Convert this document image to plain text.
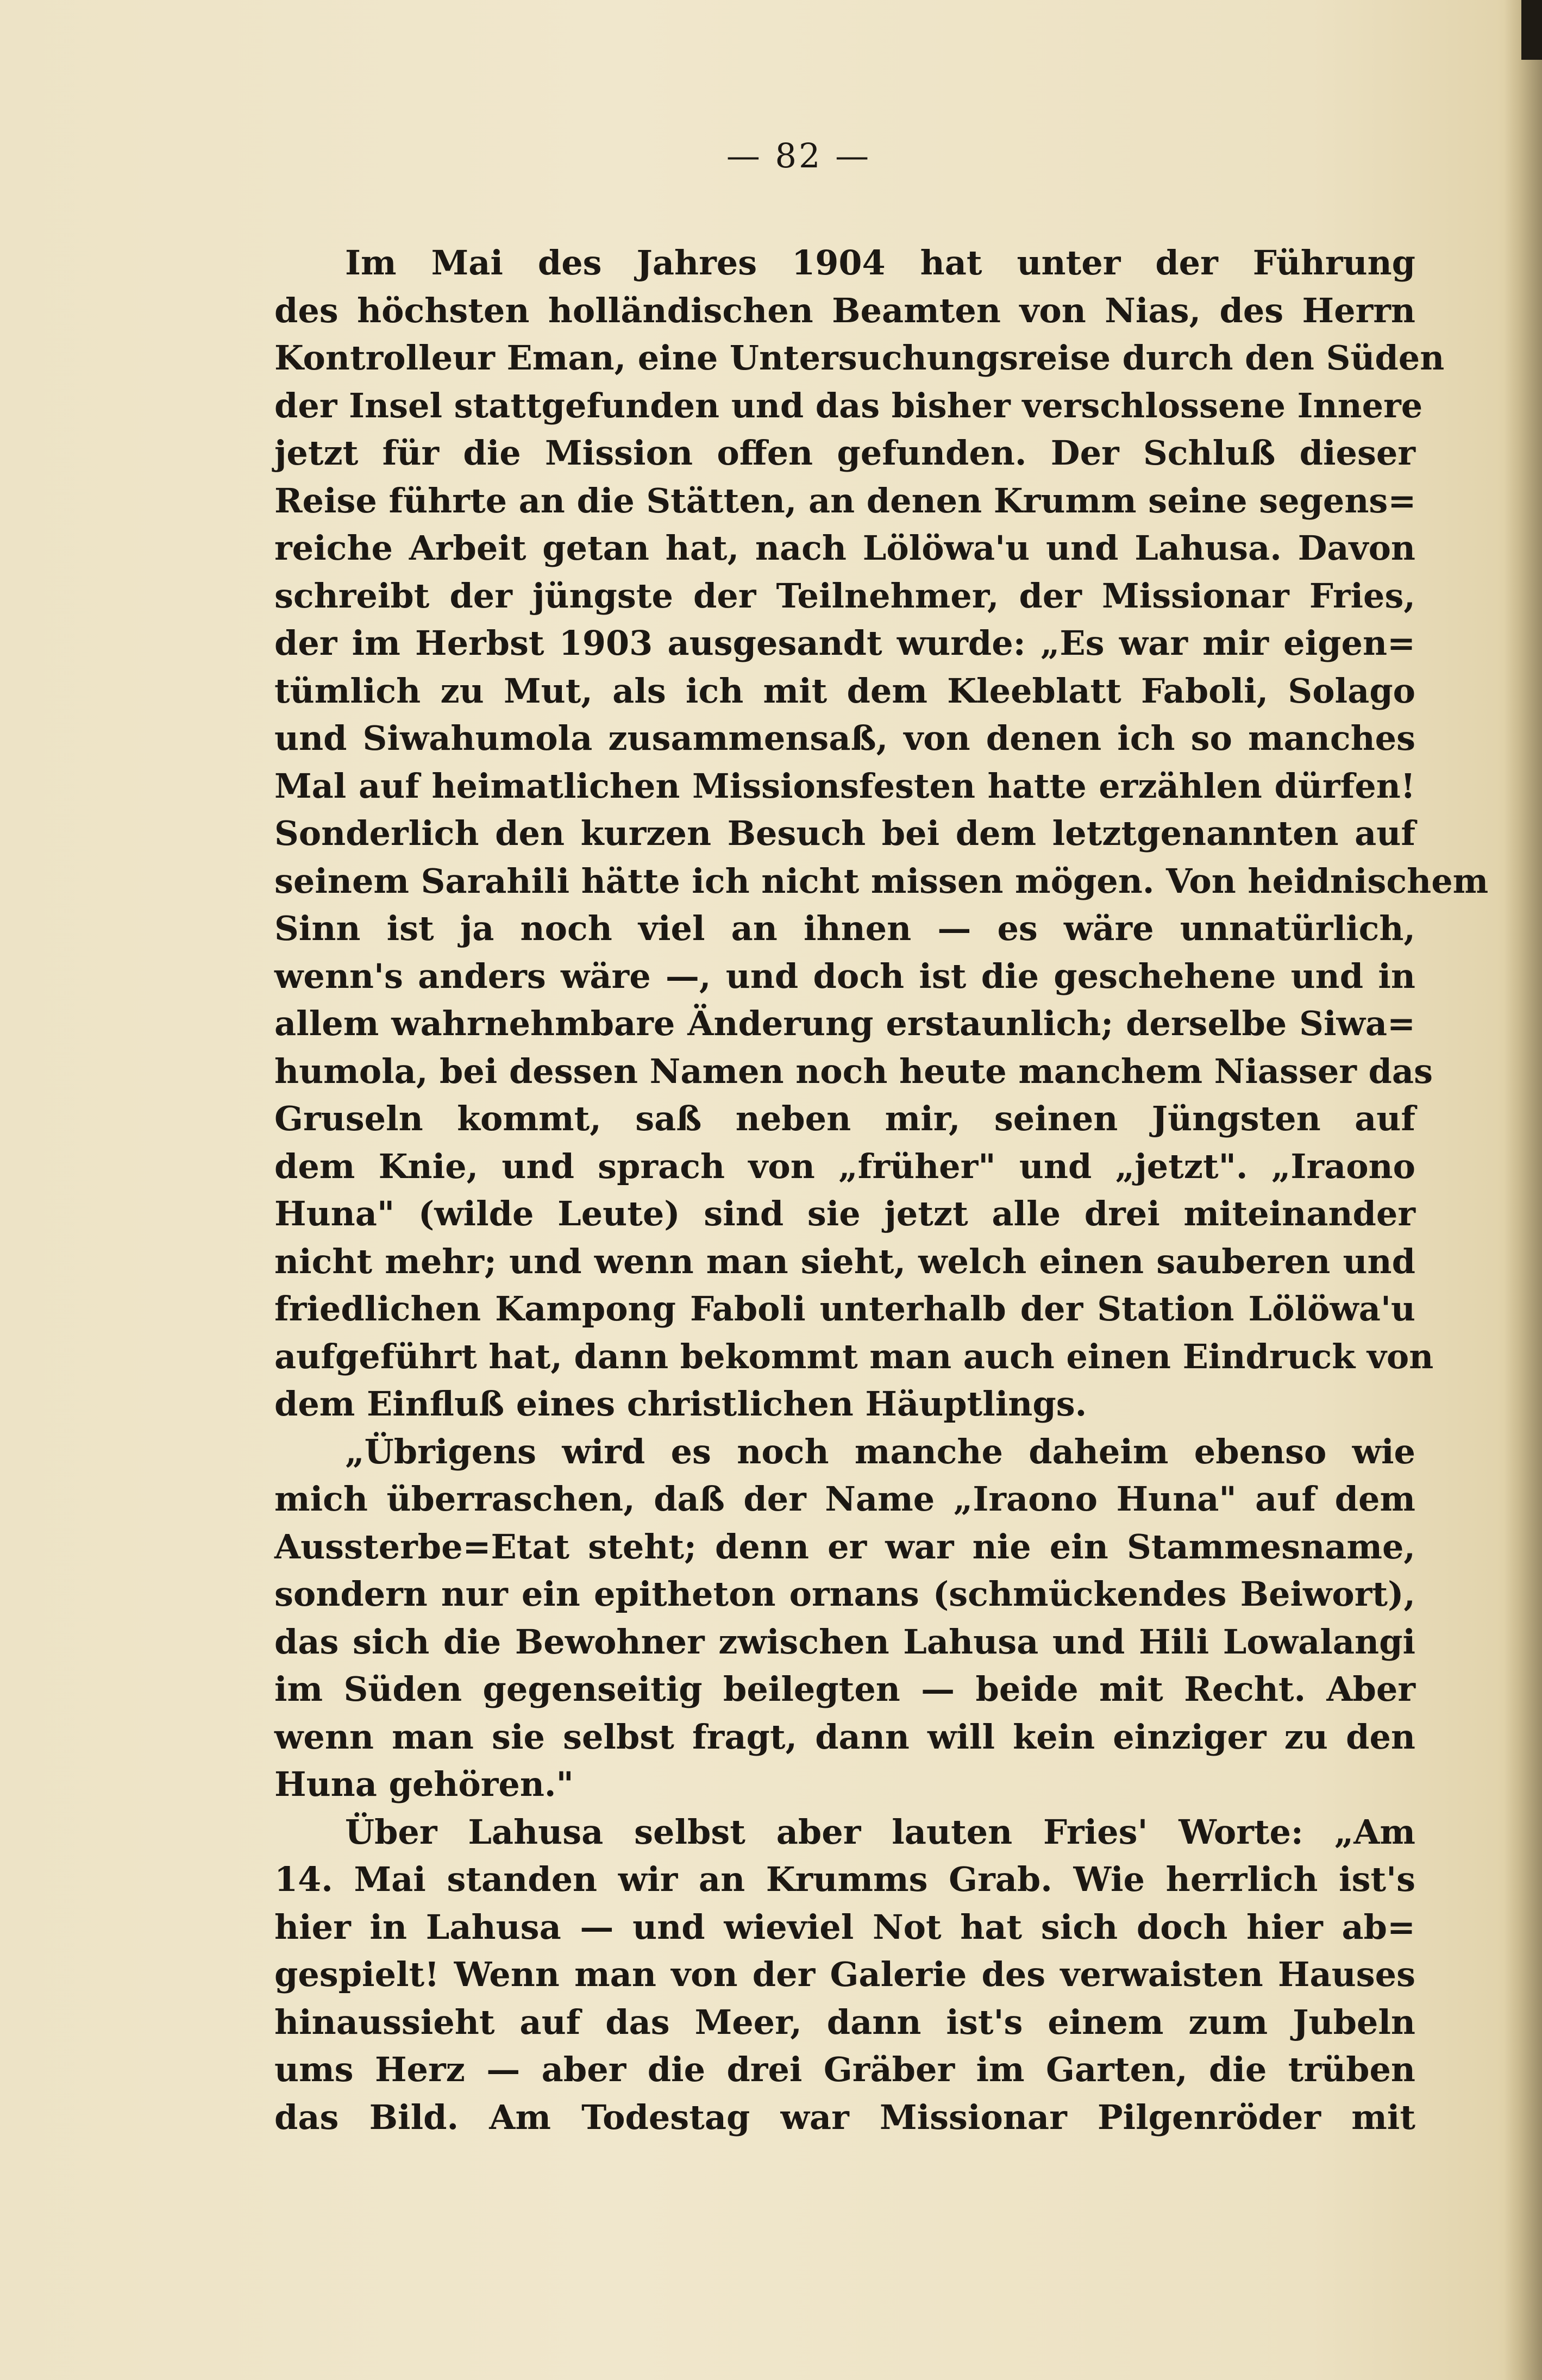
— 82 —
Im Mai des Jahres 1904 hat unter der Führung
des höchsten holländischen Beamten von Nias, des Herrn
Kontrolleur Eman, eine Untersuchungsreise durch den Süden
der Insel stattgefunden und das bisher verschlossene Innere
jetzt für die Mission offen gefunden. Der Schluß dieser
Reise führte an die Stätten, an denen Krumm seine segens=
reiche Arbeit getan hat, nach Lölöwa'u und Lahusa. Davon
schreibt der jüngste der Teilnehmer, der Missionar Fries,
der im Herbst 1903 ausgesandt wurde: „Es war mir eigen=
tümlich zu Mut, als ich mit dem Kleeblatt Faboli, Solago
und Siwahumola zusammensaß, von denen ich so manches
Mal auf heimatlichen Missionsfesten hatte erzählen dürfen!
Sonderlich den kurzen Besuch bei dem letztgenannten auf
seinem Sarahili hätte ich nicht missen mögen. Von heidnischem
Sinn ist ja noch viel an ihnen — es wäre unnatürlich,
wenn's anders wäre —, und doch ist die geschehene und in
allem wahrnehmbare Änderung erstaunlich; derselbe Siwa=
humola, bei dessen Namen noch heute manchem Niasser das
Gruseln kommt, saß neben mir, seinen Jüngsten auf
dem Knie, und sprach von „früher" und „jetzt". „Iraono
Huna" (wilde Leute) sind sie jetzt alle drei miteinander
nicht mehr; und wenn man sieht, welch einen sauberen und
friedlichen Kampong Faboli unterhalb der Station Lölöwa'u
aufgeführt hat, dann bekommt man auch einen Eindruck von
dem Einfluß eines christlichen Häuptlings.
„Übrigens wird es noch manche daheim ebenso wie
mich überraschen, daß der Name „Iraono Huna" auf dem
Aussterbe=Etat steht; denn er war nie ein Stammesname,
sondern nur ein epitheton ornans (schmückendes Beiwort),
das sich die Bewohner zwischen Lahusa und Hili Lowalangi
im Süden gegenseitig beilegten — beide mit Recht. Aber
wenn man sie selbst fragt, dann will kein einziger zu den
Huna gehören."
Über Lahusa selbst aber lauten Fries' Worte: „Am
14. Mai standen wir an Krumms Grab. Wie herrlich ist's
hier in Lahusa — und wieviel Not hat sich doch hier ab=
gespielt! Wenn man von der Galerie des verwaisten Hauses
hinaussieht auf das Meer, dann ist's einem zum Jubeln
ums Herz — aber die drei Gräber im Garten, die trüben
das Bild. Am Todestag war Missionar Pilgenröder mit
